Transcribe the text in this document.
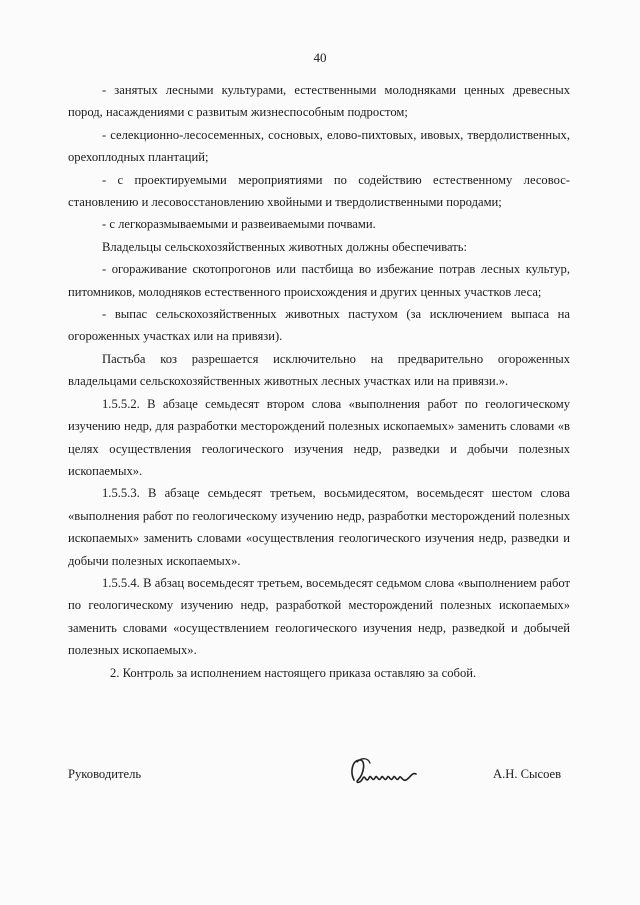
40

- занятых лесными культурами, естественными молодняками ценных древесных пород, насаждениями с развитым жизнеспособным подростом;

- селекционно-лесосеменных, сосновых, елово-пихтовых, ивовых, твердолиственных, орехоплодных плантаций;

- с проектируемыми мероприятиями по содействию естественному лесовосстановлению и лесовосстановлению хвойными и твердолиственными породами;

- с легкоразмываемыми и развеиваемыми почвами.

Владельцы сельскохозяйственных животных должны обеспечивать:

- огораживание скотопрогонов или пастбища во избежание потрав лесных культур, питомников, молодняков естественного происхождения и других ценных участков леса;

- выпас сельскохозяйственных животных пастухом (за исключением выпаса на огороженных участках или на привязи).

Пастьба коз разрешается исключительно на предварительно огороженных владельцами сельскохозяйственных животных лесных участках или на привязи.».

1.5.5.2. В абзаце семьдесят втором слова «выполнения работ по геологическому изучению недр, для разработки месторождений полезных ископаемых» заменить словами «в целях осуществления геологического изучения недр, разведки и добычи полезных ископаемых».

1.5.5.3. В абзаце семьдесят третьем, восьмидесятом, восемьдесят шестом слова «выполнения работ по геологическому изучению недр, разработки месторождений полезных ископаемых» заменить словами «осуществления геологического изучения недр, разведки и добычи полезных ископаемых».

1.5.5.4. В абзац восемьдесят третьем, восемьдесят седьмом слова «выполнением работ по геологическому изучению недр, разработкой месторождений полезных ископаемых» заменить словами «осуществлением геологического изучения недр, разведкой и добычей полезных ископаемых».

2. Контроль за исполнением настоящего приказа оставляю за собой.

Руководитель	А.Н. Сысоев
